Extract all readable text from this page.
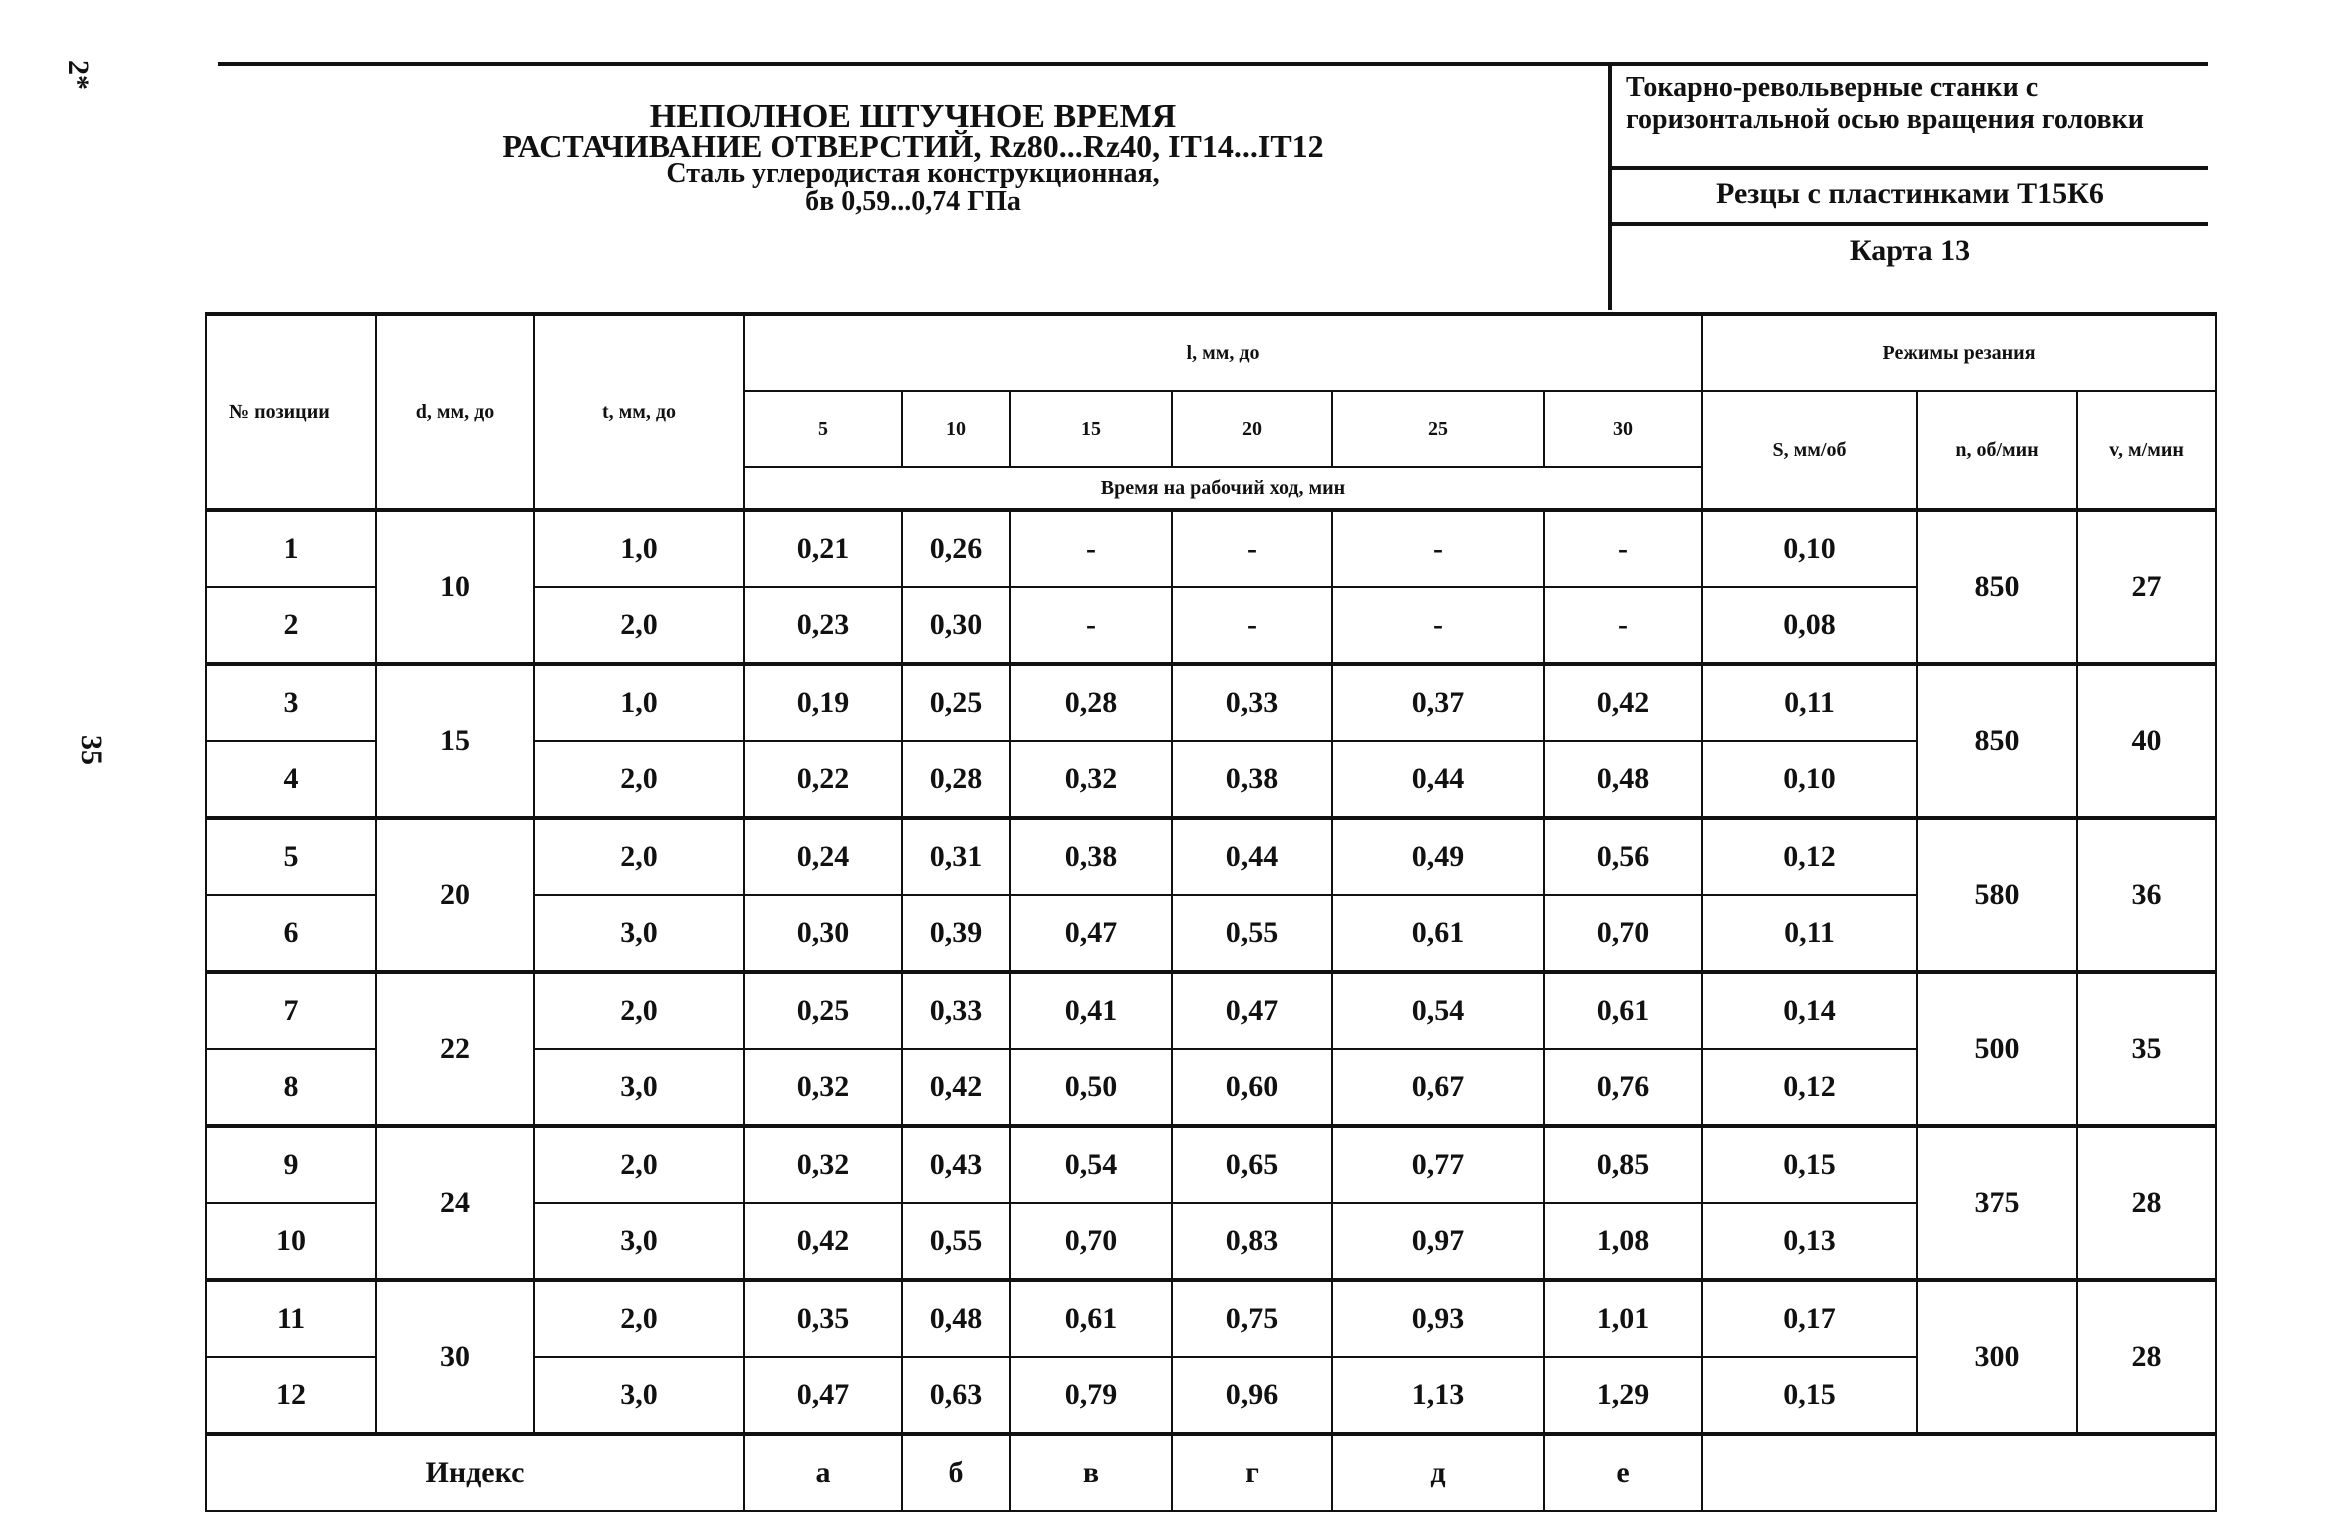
2*
35
НЕПОЛНОЕ ШТУЧНОЕ ВРЕМЯ
РАСТАЧИВАНИЕ ОТВЕРСТИЙ, Rz80...Rz40, IT14...IT12
Сталь углеродистая конструкционная,
бв 0,59...0,74 ГПа
Токарно-револьверные станки с горизонтальной осью вращения головки
Резцы с пластинками Т15К6
Карта 13
№ позиции	d, мм, до	t, мм, до	l, мм, до						Режимы резания		
			5	10	15	20	25	30	S, мм/об	n, об/мин	v, м/мин
			Время на рабочий ход, мин								
1	10	1,0	0,21	0,26	-	-	-	-	0,10	850	27
2		2,0	0,23	0,30	-	-	-	-	0,08		
3	15	1,0	0,19	0,25	0,28	0,33	0,37	0,42	0,11	850	40
4		2,0	0,22	0,28	0,32	0,38	0,44	0,48	0,10		
5	20	2,0	0,24	0,31	0,38	0,44	0,49	0,56	0,12	580	36
6		3,0	0,30	0,39	0,47	0,55	0,61	0,70	0,11		
7	22	2,0	0,25	0,33	0,41	0,47	0,54	0,61	0,14	500	35
8		3,0	0,32	0,42	0,50	0,60	0,67	0,76	0,12		
9	24	2,0	0,32	0,43	0,54	0,65	0,77	0,85	0,15	375	28
10		3,0	0,42	0,55	0,70	0,83	0,97	1,08	0,13		
11	30	2,0	0,35	0,48	0,61	0,75	0,93	1,01	0,17	300	28
12		3,0	0,47	0,63	0,79	0,96	1,13	1,29	0,15		
Индекс			а	б	в	г	д	е			
